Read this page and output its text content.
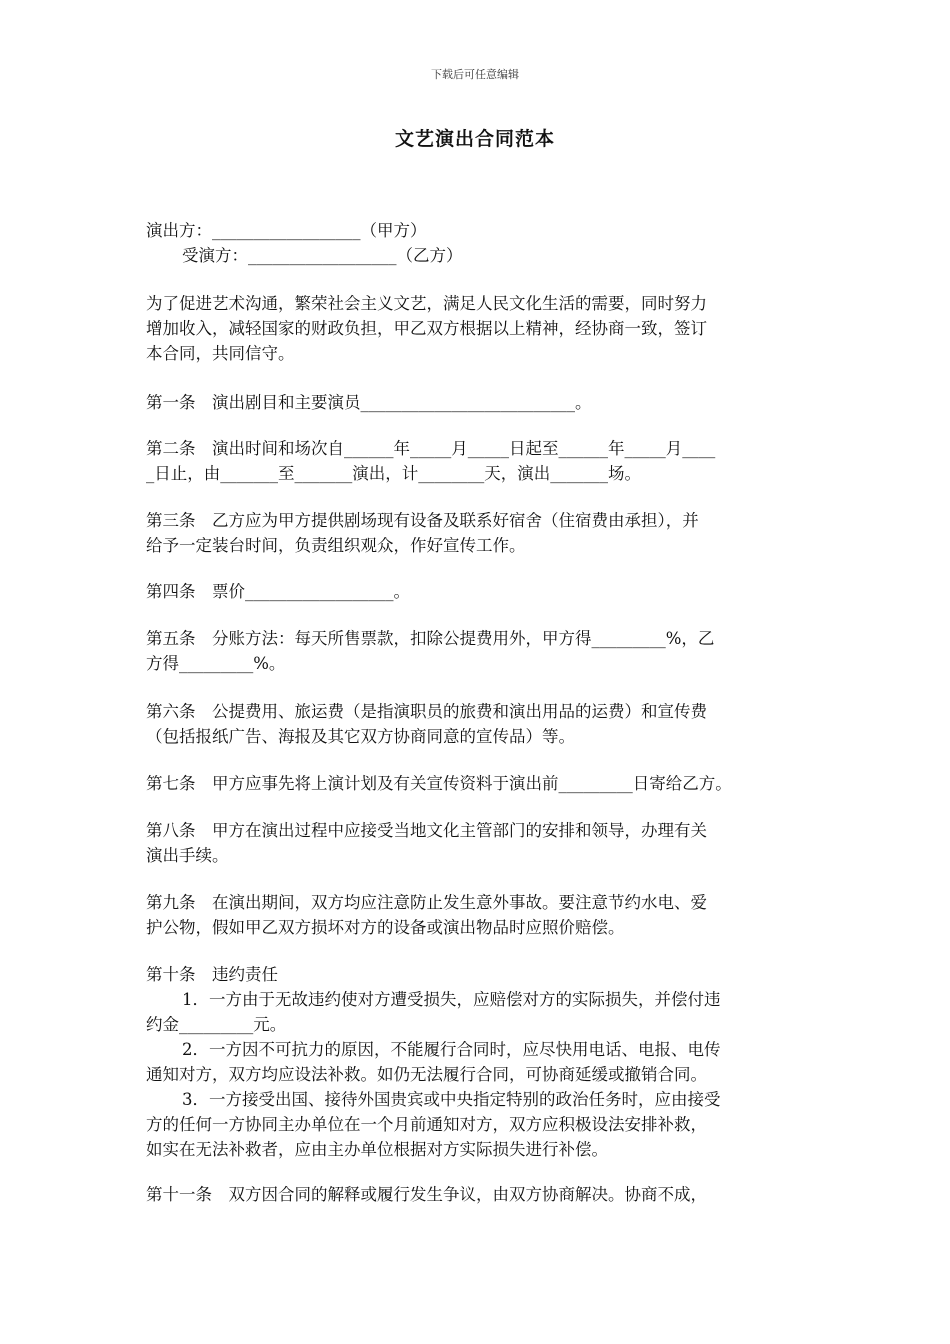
下载后可任意编辑
文艺演出合同范本
演出方：__________________（甲方）
受演方：__________________（乙方）
为了促进艺术沟通，繁荣社会主义文艺，满足人民文化生活的需要，同时努力
增加收入，减轻国家的财政负担，甲乙双方根据以上精神，经协商一致，签订
本合同，共同信守。
第一条　演出剧目和主要演员__________________________。
第二条　演出时间和场次自______年_____月_____日起至______年_____月____
_日止，由_______至_______演出，计________天，演出_______场。
第三条　乙方应为甲方提供剧场现有设备及联系好宿舍（住宿费由承担），并
给予一定装台时间，负责组织观众，作好宣传工作。
第四条　票价__________________。
第五条　分账方法：每天所售票款，扣除公提费用外，甲方得_________%，乙
方得_________%。
第六条　公提费用、旅运费（是指演职员的旅费和演出用品的运费）和宣传费
（包括报纸广告、海报及其它双方协商同意的宣传品）等。
第七条　甲方应事先将上演计划及有关宣传资料于演出前_________日寄给乙方。
第八条　甲方在演出过程中应接受当地文化主管部门的安排和领导，办理有关
演出手续。
第九条　在演出期间，双方均应注意防止发生意外事故。要注意节约水电、爱
护公物，假如甲乙双方损坏对方的设备或演出物品时应照价赔偿。
第十条　违约责任
1．一方由于无故违约使对方遭受损失，应赔偿对方的实际损失，并偿付违
约金_________元。
2．一方因不可抗力的原因，不能履行合同时，应尽快用电话、电报、电传
通知对方，双方均应设法补救。如仍无法履行合同，可协商延缓或撤销合同。
3．一方接受出国、接待外国贵宾或中央指定特别的政治任务时，应由接受
方的任何一方协同主办单位在一个月前通知对方，双方应积极设法安排补救，
如实在无法补救者，应由主办单位根据对方实际损失进行补偿。
第十一条　双方因合同的解释或履行发生争议，由双方协商解决。协商不成，
